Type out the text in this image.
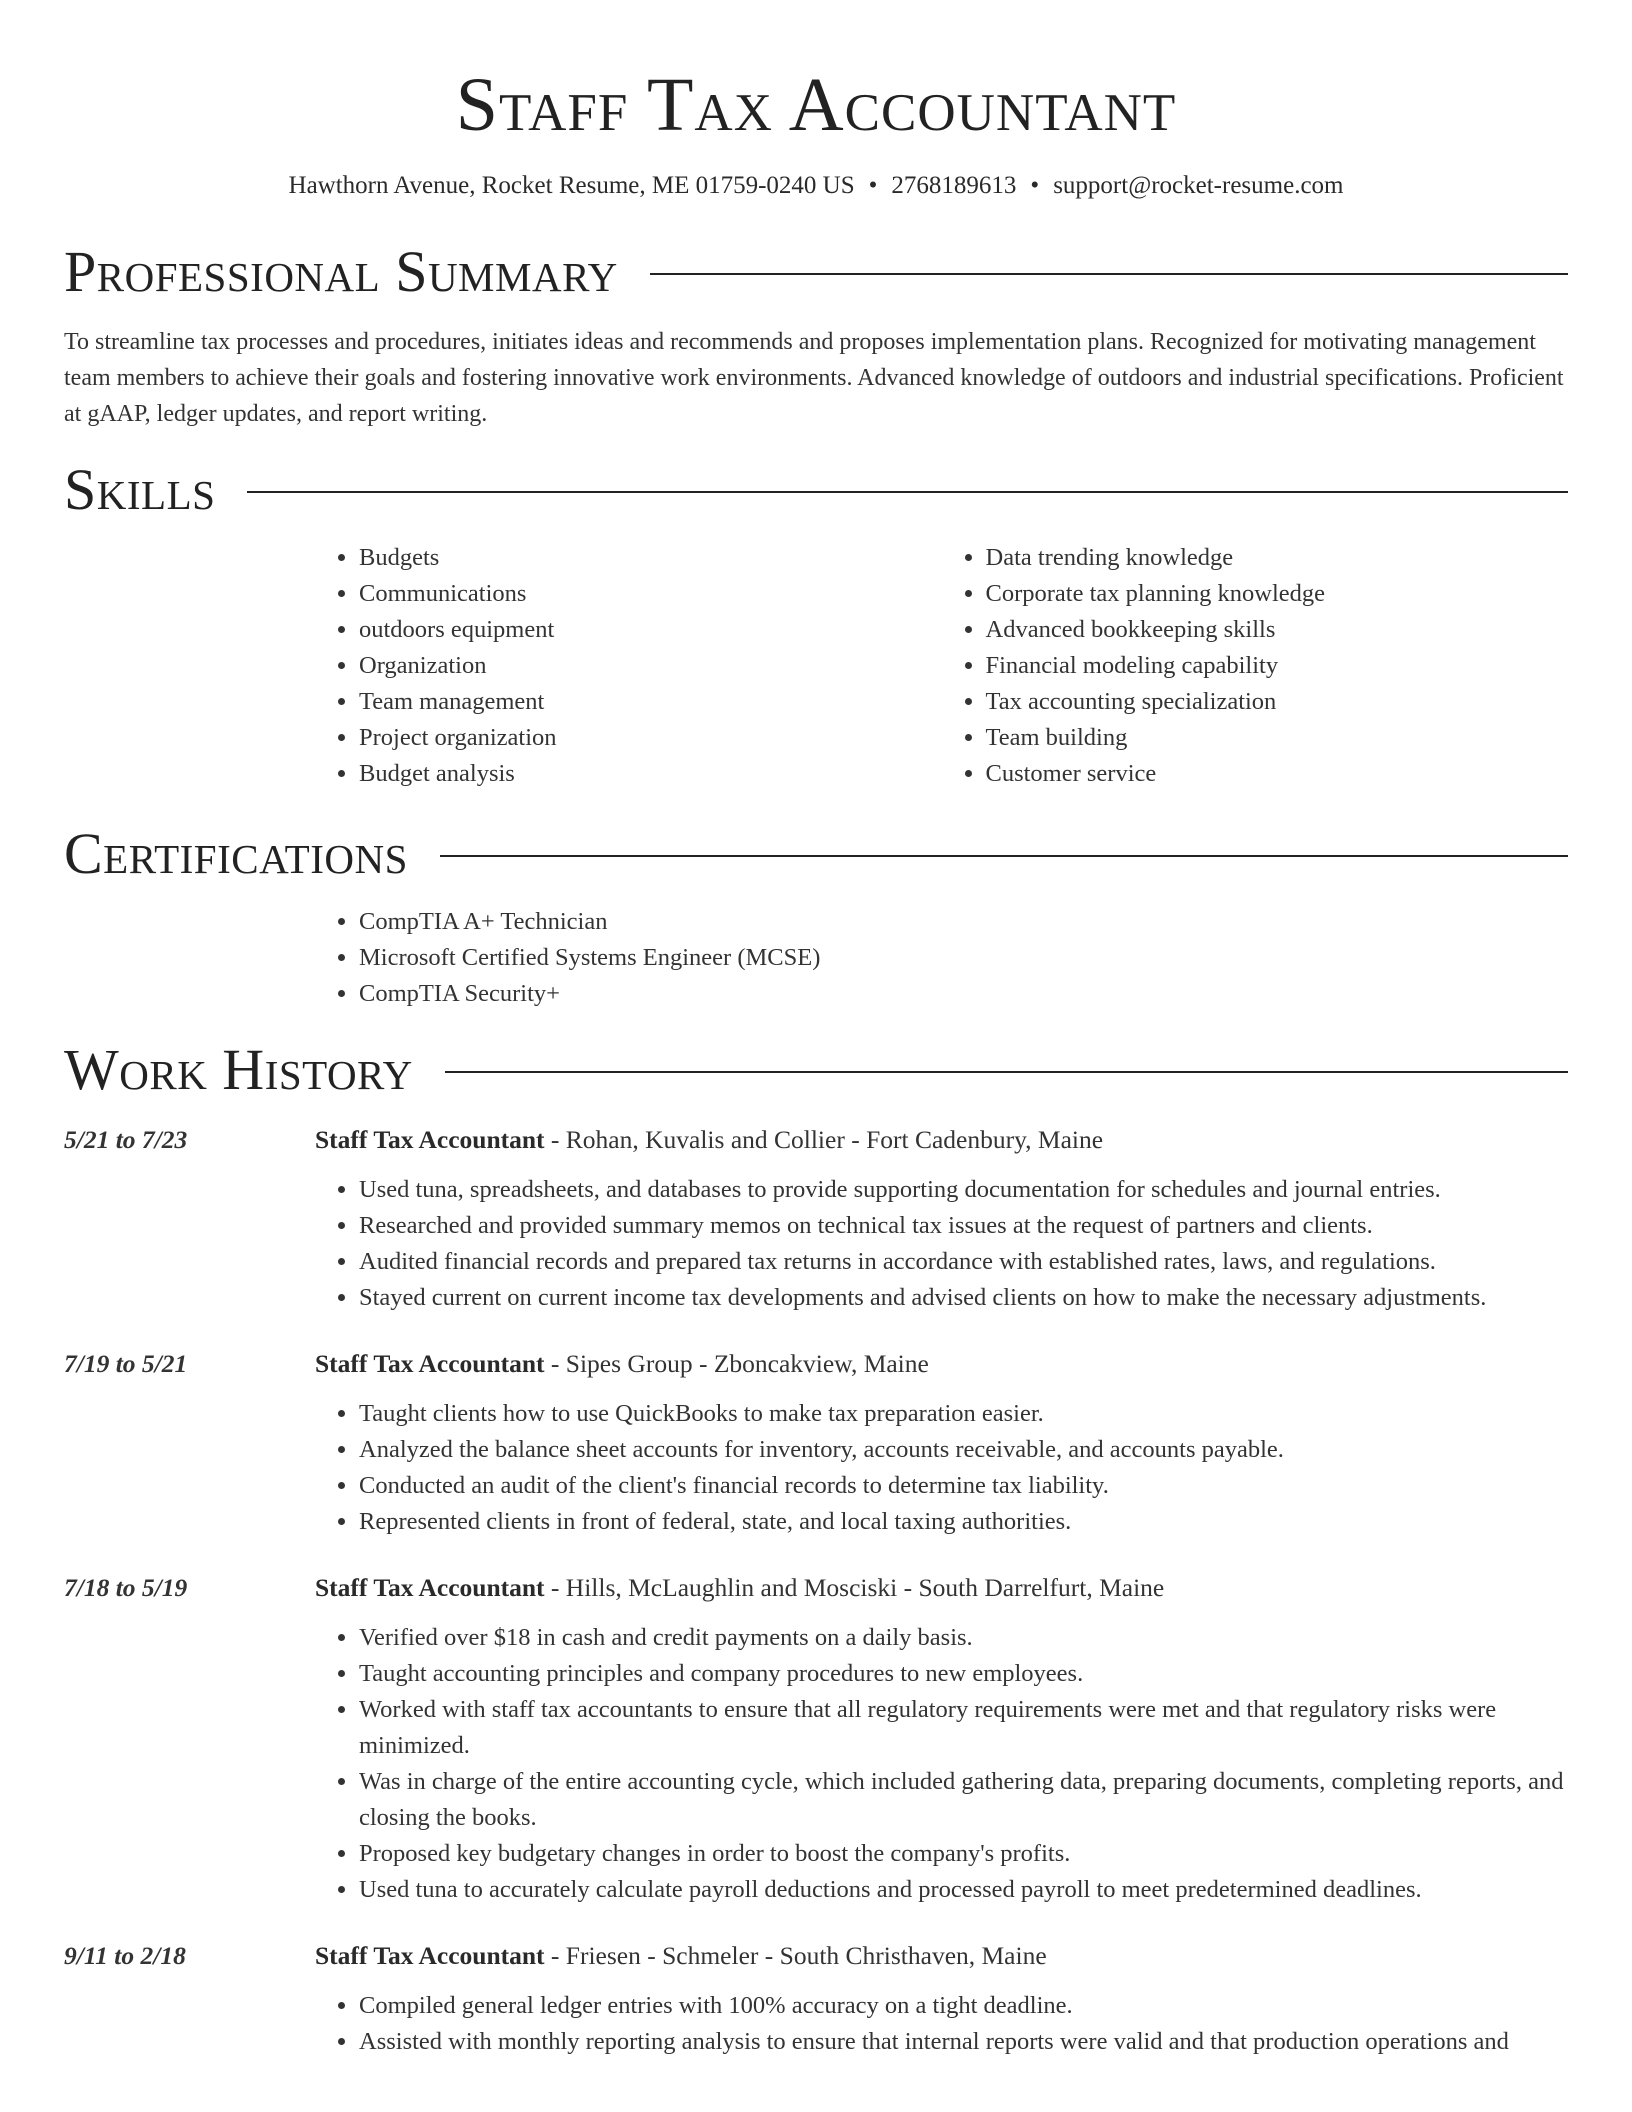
Staff Tax Accountant
Hawthorn Avenue, Rocket Resume, ME 01759-0240 US • 2768189613 • support@rocket-resume.com
Professional Summary

To streamline tax processes and procedures, initiates ideas and recommends and proposes implementation plans. Recognized for motivating management team members to achieve their goals and fostering innovative work environments. Advanced knowledge of outdoors and industrial specifications. Proficient at gAAP, ledger updates, and report writing.

Skills
• Budgets
• Communications
• outdoors equipment
• Organization
• Team management
• Project organization
• Budget analysis
• Data trending knowledge
• Corporate tax planning knowledge
• Advanced bookkeeping skills
• Financial modeling capability
• Tax accounting specialization
• Team building
• Customer service
Certifications
• CompTIA A+ Technician
• Microsoft Certified Systems Engineer (MCSE)
• CompTIA Security+
Work History
5/21 to 7/23	Staff Tax Accountant - Rohan, Kuvalis and Collier - Fort Cadenbury, Maine
• Used tuna, spreadsheets, and databases to provide supporting documentation for schedules and journal entries.
• Researched and provided summary memos on technical tax issues at the request of partners and clients.
• Audited financial records and prepared tax returns in accordance with established rates, laws, and regulations.
• Stayed current on current income tax developments and advised clients on how to make the necessary adjustments.
7/19 to 5/21	Staff Tax Accountant - Sipes Group - Zboncakview, Maine
• Taught clients how to use QuickBooks to make tax preparation easier.
• Analyzed the balance sheet accounts for inventory, accounts receivable, and accounts payable.
• Conducted an audit of the client's financial records to determine tax liability.
• Represented clients in front of federal, state, and local taxing authorities.
7/18 to 5/19	Staff Tax Accountant - Hills, McLaughlin and Mosciski - South Darrelfurt, Maine
• Verified over $18 in cash and credit payments on a daily basis.
• Taught accounting principles and company procedures to new employees.
• Worked with staff tax accountants to ensure that all regulatory requirements were met and that regulatory risks were minimized.
• Was in charge of the entire accounting cycle, which included gathering data, preparing documents, completing reports, and closing the books.
• Proposed key budgetary changes in order to boost the company's profits.
• Used tuna to accurately calculate payroll deductions and processed payroll to meet predetermined deadlines.
9/11 to 2/18	Staff Tax Accountant - Friesen - Schmeler - South Christhaven, Maine
• Compiled general ledger entries with 100% accuracy on a tight deadline.
• Assisted with monthly reporting analysis to ensure that internal reports were valid and that production operations and
